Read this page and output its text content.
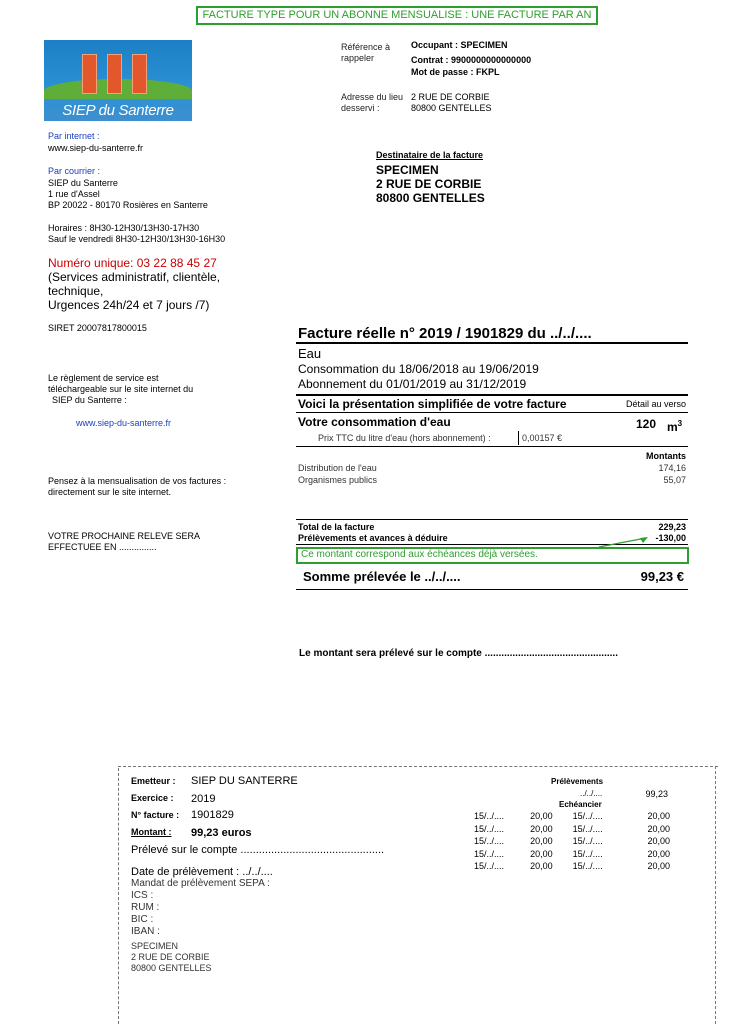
FACTURE TYPE POUR UN ABONNE MENSUALISE : UNE FACTURE PAR AN
SIEP du Santerre
Référence à rappeler
Occupant : SPECIMEN
Contrat : 9900000000000000
Mot de passe : FKPL
Adresse du lieu desservi :
2 RUE DE CORBIE
80800 GENTELLES
Par internet :
www.siep-du-santerre.fr
Par courrier :
SIEP du Santerre
1 rue d'Assel
BP 20022 - 80170 Rosières en Santerre
Horaires : 8H30-12H30/13H30-17H30
Sauf le vendredi 8H30-12H30/13H30-16H30
Numéro unique: 03 22 88 45 27
(Services administratif, clientèle,
technique,
Urgences 24h/24 et 7 jours /7)
SIRET 20007817800015
Le règlement de service est
téléchargeable sur le site internet du
SIEP du Santerre :
www.siep-du-santerre.fr
Pensez à la mensualisation de vos factures :
directement sur le site internet.
VOTRE PROCHAINE RELEVE SERA
EFFECTUEE EN ...............
Destinataire de la facture
SPECIMEN
2 RUE DE CORBIE
80800 GENTELLES
Facture réelle n° 2019 / 1901829 du ../../....
Eau
Consommation du 18/06/2018 au 19/06/2019
Abonnement du 01/01/2019 au 31/12/2019
Voici la présentation simplifiée de votre facture	Détail au verso
Votre consommation d'eau	120 $m^3$
Prix TTC du litre d'eau (hors abonnement) :	0,00157 €
Montants
Distribution de l'eau	174,16
Organismes publics	55,07
Total de la facture	229,23
Prélèvements et avances à déduire	-130,00
Ce montant correspond aux échéances déjà versées.
Somme prélevée le ../../....	99,23 €
Le montant sera prélevé sur le compte ................................................
Emetteur : SIEP DU SANTERRE
Exercice : 2019
N° facture : 1901829
Montant : 99,23 euros
Prélevé sur le compte ...............................................
Date de prélèvement : ../../....
Mandat de prélèvement SEPA :
ICS :
RUM :
BIC :
IBAN :
SPECIMEN
2 RUE DE CORBIE
80800 GENTELLES
Prélèvements
../../....	99,23
Echéancier
15/../....	20,00	15/../....	20,00
15/../....	20,00	15/../....	20,00
15/../....	20,00	15/../....	20,00
15/../....	20,00	15/../....	20,00
15/../....	20,00	15/../....	20,00
